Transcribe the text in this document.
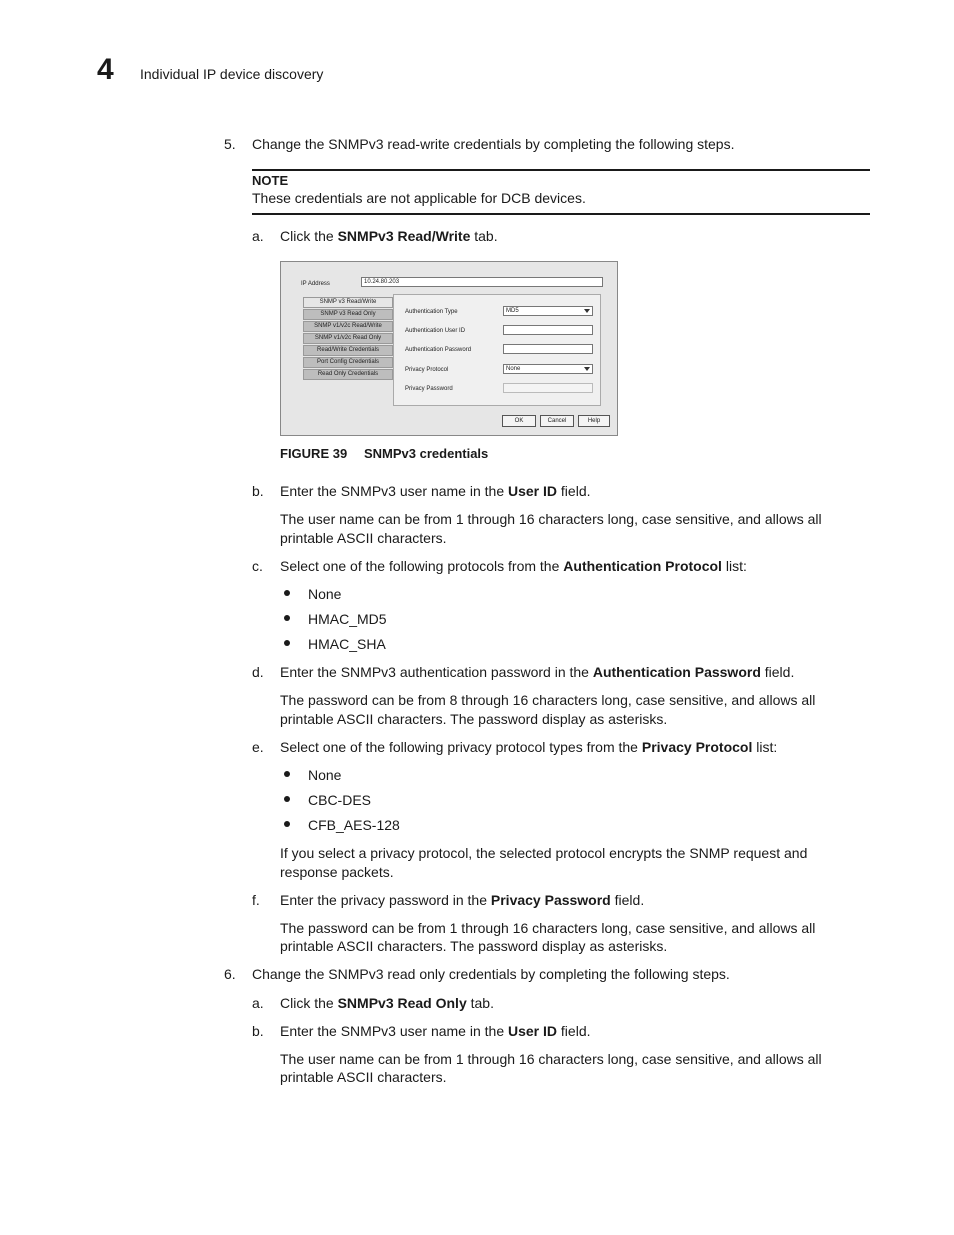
4 Individual IP device discovery
5. Change the SNMPv3 read-write credentials by completing the following steps.
NOTE
These credentials are not applicable for DCB devices.
a. Click the SNMPv3 Read/Write tab.
IP Address	10.24.80.203
SNMP v3 Read/Write
SNMP v3 Read Only
SNMP v1/v2c Read/Write
SNMP v1/v2c Read Only
Read/Write Credentials
Port Config Credentials
Read Only Credentials
Authentication Type	MD5
Authentication User ID
Authentication Password
Privacy Protocol	None
Privacy Password
OK	Cancel	Help
FIGURE 39 SNMPv3 credentials
b. Enter the SNMPv3 user name in the User ID field.
The user name can be from 1 through 16 characters long, case sensitive, and allows all
printable ASCII characters.
c. Select one of the following protocols from the Authentication Protocol list:
None
HMAC_MD5
HMAC_SHA
d. Enter the SNMPv3 authentication password in the Authentication Password field.
The password can be from 8 through 16 characters long, case sensitive, and allows all
printable ASCII characters. The password display as asterisks.
e. Select one of the following privacy protocol types from the Privacy Protocol list:
None
CBC-DES
CFB_AES-128
If you select a privacy protocol, the selected protocol encrypts the SNMP request and
response packets.
f. Enter the privacy password in the Privacy Password field.
The password can be from 1 through 16 characters long, case sensitive, and allows all
printable ASCII characters. The password display as asterisks.
6. Change the SNMPv3 read only credentials by completing the following steps.
a. Click the SNMPv3 Read Only tab.
b. Enter the SNMPv3 user name in the User ID field.
The user name can be from 1 through 16 characters long, case sensitive, and allows all
printable ASCII characters.
